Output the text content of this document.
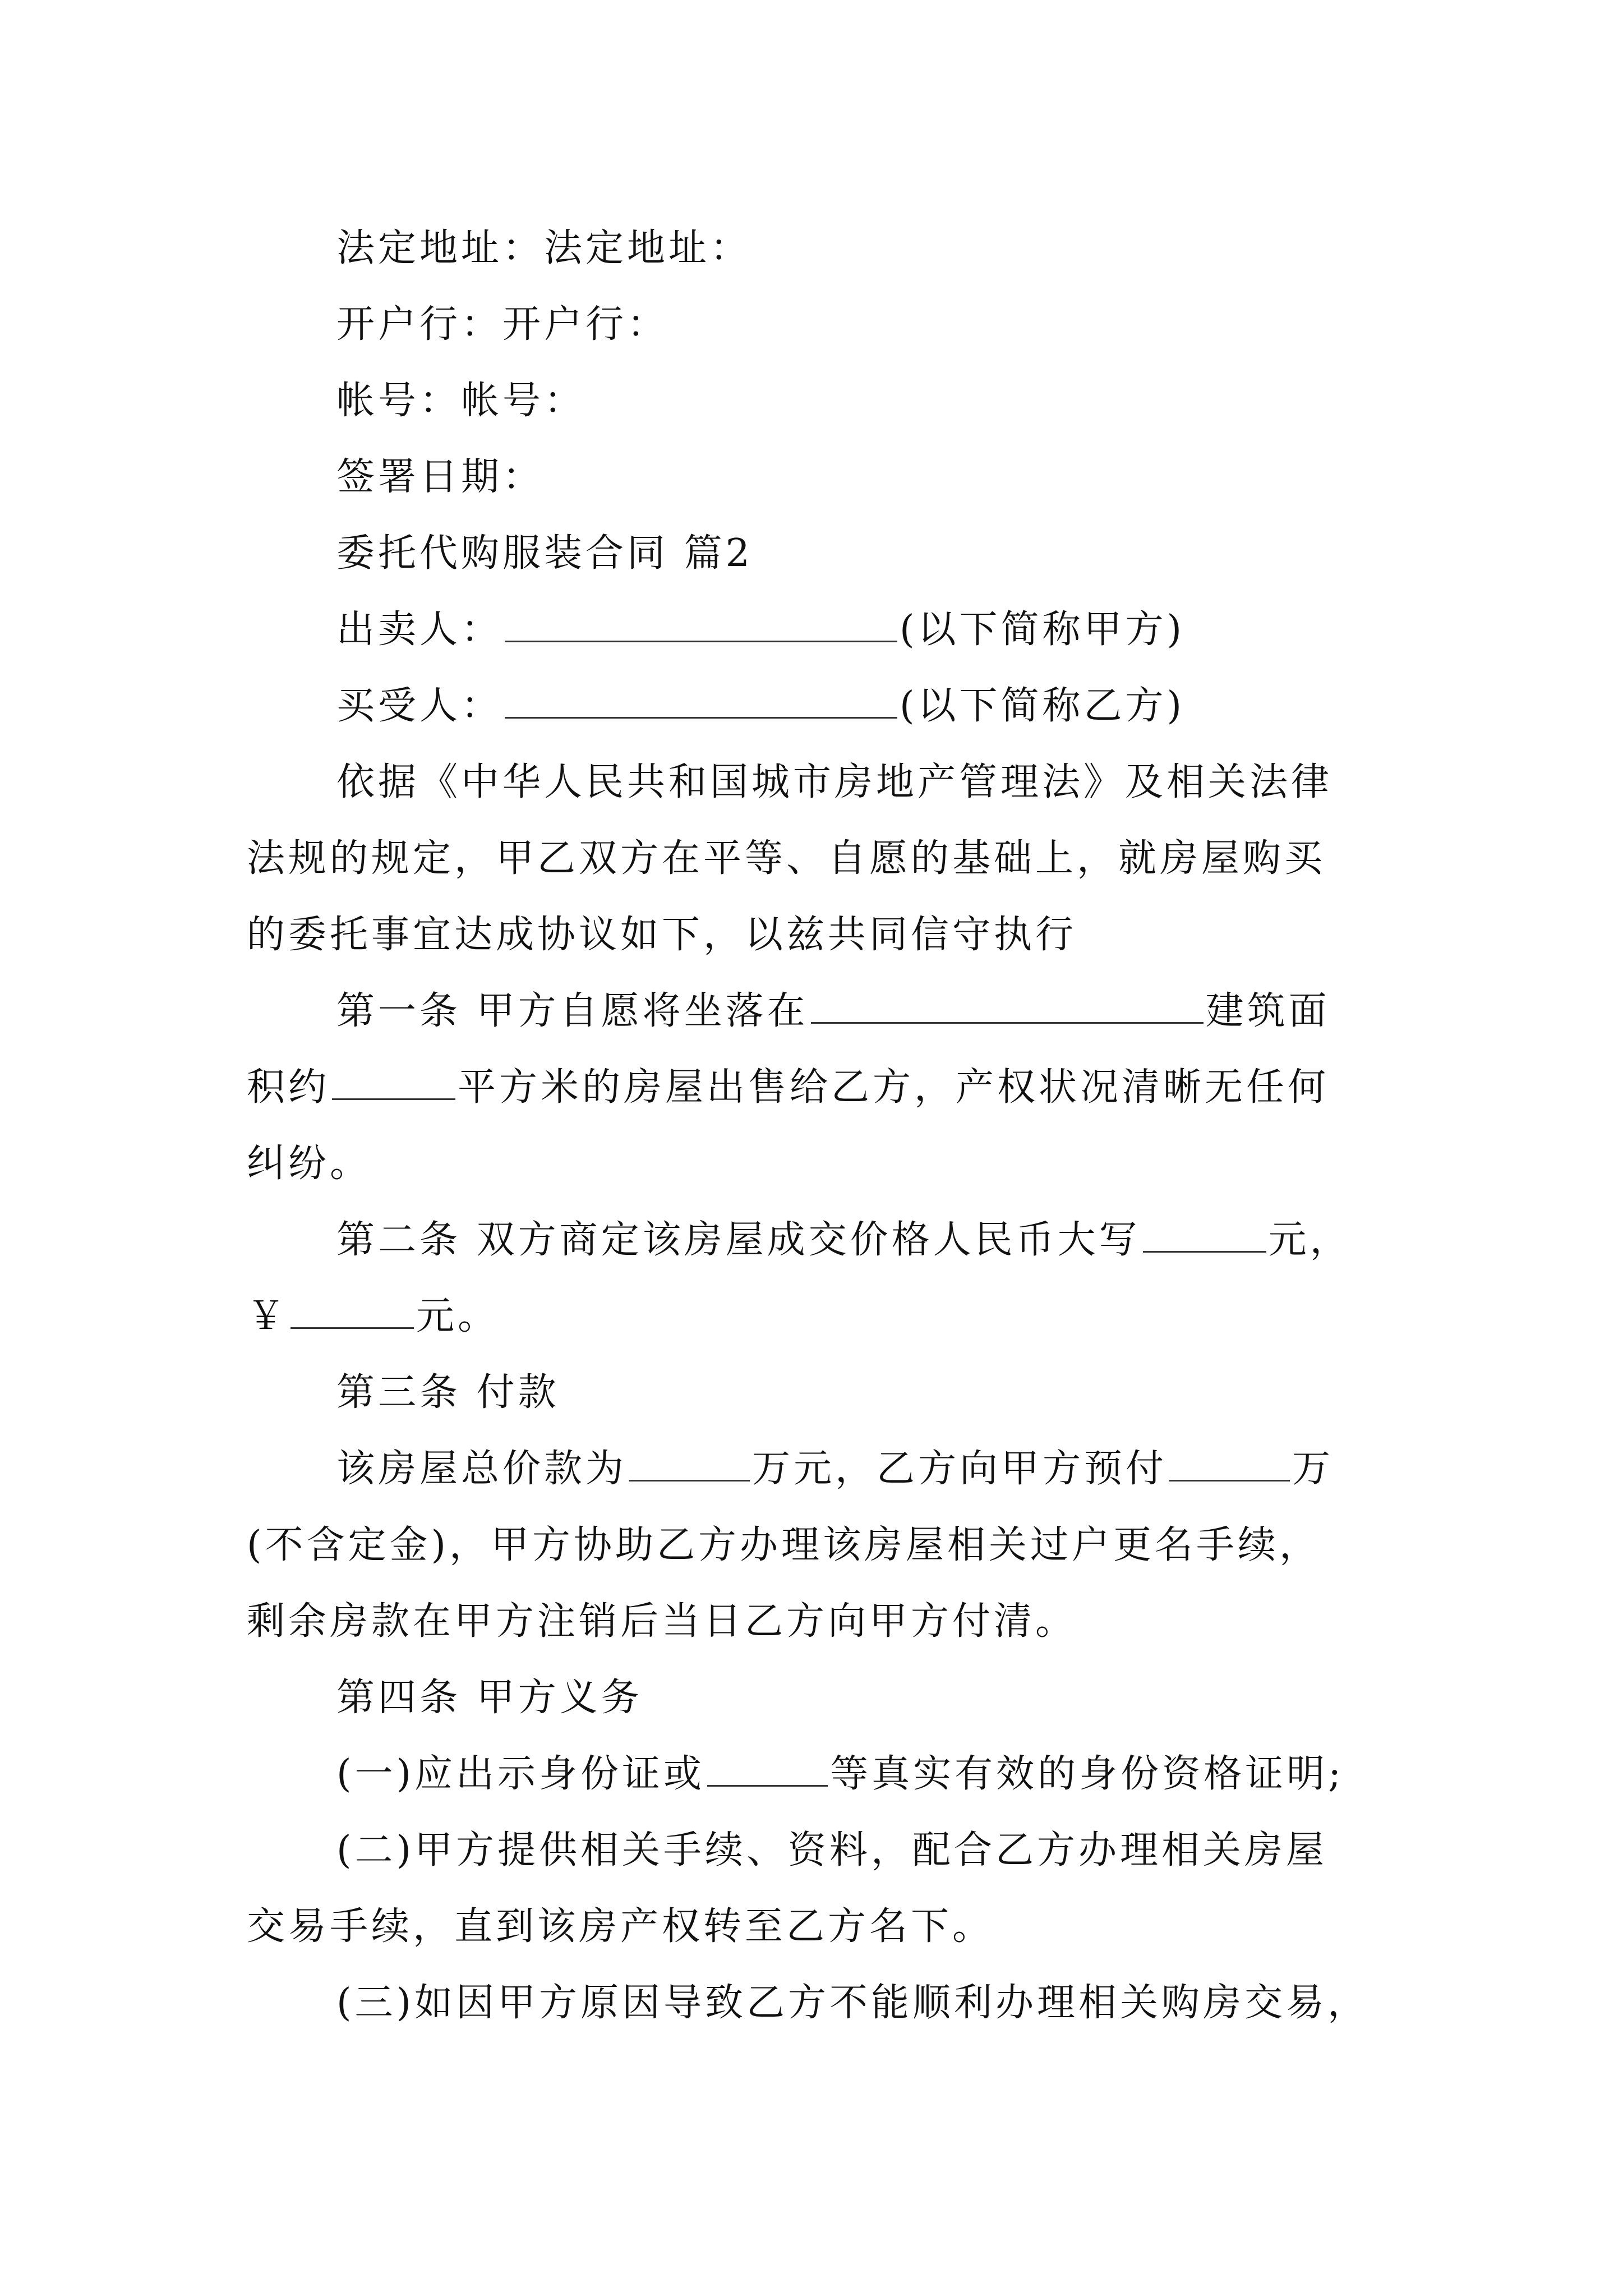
法定地址：法定地址：
开户行：开户行：
帐号：帐号：
签署日期：
委托代购服装合同 篇2
出卖人：	(以下简称甲方)
买受人：	(以下简称乙方)
依据《中华人民共和国城市房地产管理法》及相关法律
法规的规定，甲乙双方在平等、自愿的基础上，就房屋购买
的委托事宜达成协议如下，以兹共同信守执行
第一条 甲方自愿将坐落在	建筑面
积约	平方米的房屋出售给乙方，产权状况清晰无任何
纠纷。
第二条 双方商定该房屋成交价格人民币大写	元，
￥	元。
第三条 付款
该房屋总价款为	万元，乙方向甲方预付	万
(不含定金)，甲方协助乙方办理该房屋相关过户更名手续，
剩余房款在甲方注销后当日乙方向甲方付清。
第四条 甲方义务
(一)应出示身份证或	等真实有效的身份资格证明;
(二)甲方提供相关手续、资料，配合乙方办理相关房屋
交易手续，直到该房产权转至乙方名下。
(三)如因甲方原因导致乙方不能顺利办理相关购房交易，
